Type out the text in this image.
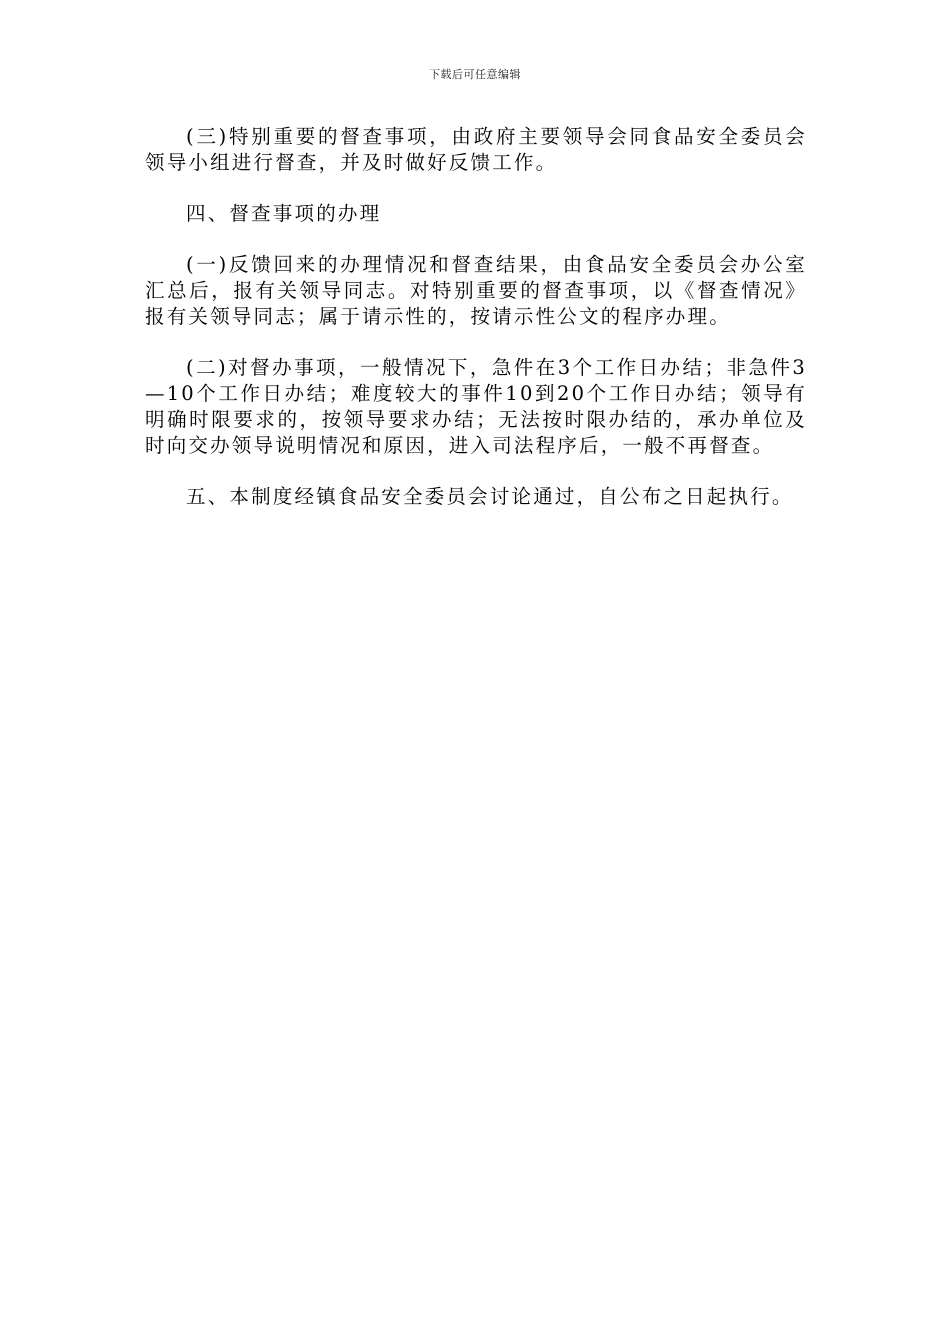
下载后可任意编辑

(三)特别重要的督查事项，由政府主要领导会同食品安全委员会领导小组进行督查，并及时做好反馈工作。

四、督查事项的办理

(一)反馈回来的办理情况和督查结果，由食品安全委员会办公室汇总后，报有关领导同志。对特别重要的督查事项，以《督查情况》报有关领导同志；属于请示性的，按请示性公文的程序办理。

(二)对督办事项，一般情况下，急件在3个工作日办结；非急件3—10个工作日办结；难度较大的事件10到20个工作日办结；领导有明确时限要求的，按领导要求办结；无法按时限办结的，承办单位及时向交办领导说明情况和原因，进入司法程序后，一般不再督查。

五、本制度经镇食品安全委员会讨论通过，自公布之日起执行。
